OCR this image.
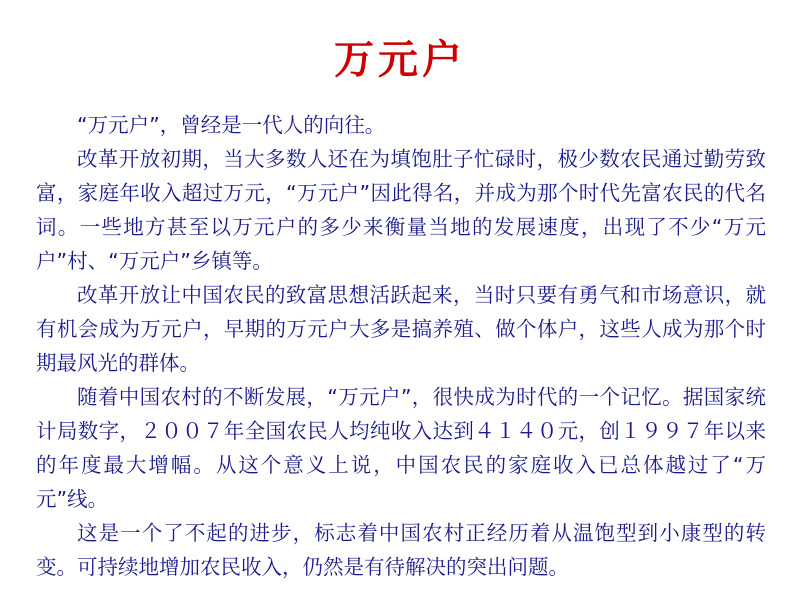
万元户

“万元户”，曾经是一代人的向往。

改革开放初期，当大多数人还在为填饱肚子忙碌时，极少数农民通过勤劳致富，家庭年收入超过万元，“万元户”因此得名，并成为那个时代先富农民的代名词。一些地方甚至以万元户的多少来衡量当地的发展速度，出现了不少“万元户”村、“万元户”乡镇等。

改革开放让中国农民的致富思想活跃起来，当时只要有勇气和市场意识，就有机会成为万元户，早期的万元户大多是搞养殖、做个体户，这些人成为那个时期最风光的群体。

随着中国农村的不断发展，“万元户”，很快成为时代的一个记忆。据国家统计局数字，２００７年全国农民人均纯收入达到４１４０元，创１９９７年以来的年度最大增幅。从这个意义上说，中国农民的家庭收入已总体越过了“万元”线。

这是一个了不起的进步，标志着中国农村正经历着从温饱型到小康型的转变。可持续地增加农民收入，仍然是有待解决的突出问题。
